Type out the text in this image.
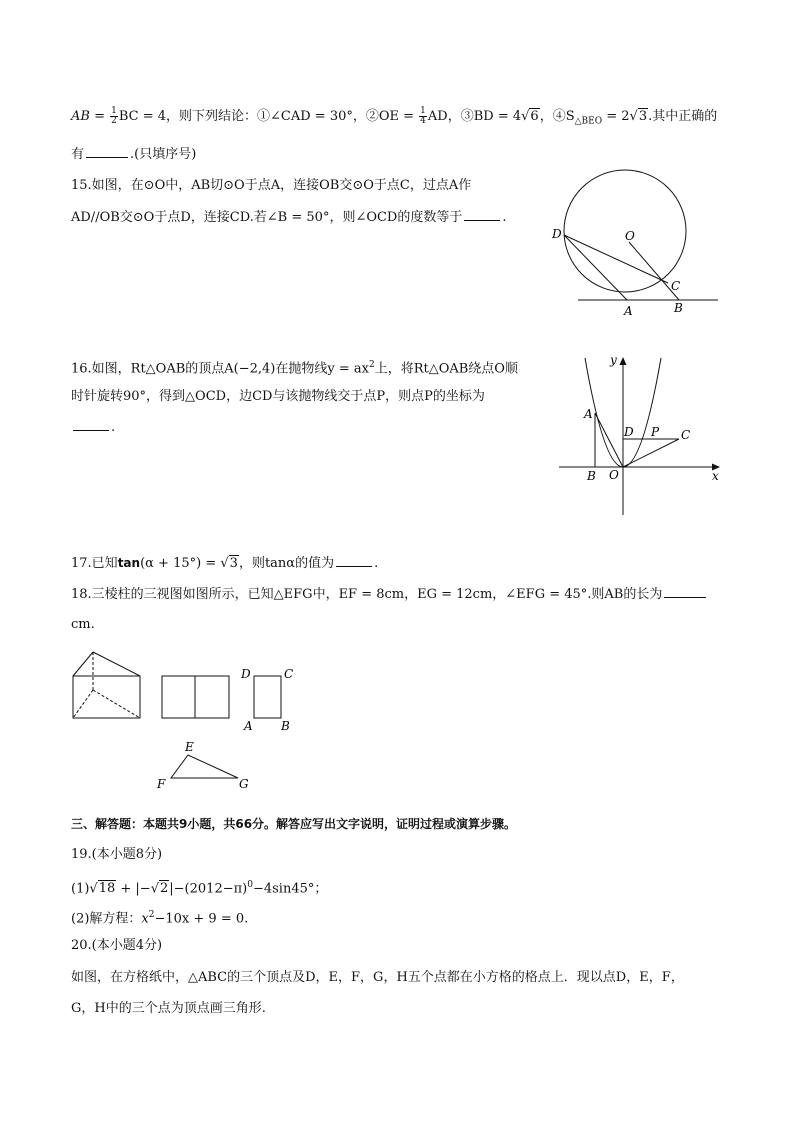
AB = $\frac{1}{2}$ BC = 4，则下列结论：①∠CAD = 30°，②OE = $\frac{1}{4}$ AD，③BD = 4√6，$④S_{\triangle BEO} = 2√3$.其中正确的
有	.(只填序号)
15.如图，在⊙O中，AB切⊙O于点A，连接OB交⊙O于点C，过点A作
AD//OB交⊙O于点D，连接CD.若∠B = 50°，则∠OCD的度数等于	.
D	O
C
A	B
16.如图，Rt△OAB的顶点A(−2,4)在抛物线$y = ax^2$上，将Rt△OAB绕点O顺
时针旋转90°，得到△OCD，边CD与该抛物线交于点P，则点P的坐标为
.
y
x
A
D P C
B O
17.已知tan(α + 15°) = √3，则tanα的值为	.
18.三棱柱的三视图如图所示，已知△EFG中，EF = 8cm，EG = 12cm，∠EFG = 45°.则AB的长为
cm.
D	C
A B
E
F	G
三、解答题：本题共9小题，共66分。解答应写出文字说明，证明过程或演算步骤。
19.(本小题8分)
$(1)√18 + |-√2|-(2012-\pi)^0-4\sin 45^\circ$；
(2)解方程：$x^2-10x + 9 = 0$.
20.(本小题4分)
如图，在方格纸中，△ABC的三个顶点及D，E，F，G，H五个点都在小方格的格点上．现以点D，E，F，
G，H中的三个点为顶点画三角形.
